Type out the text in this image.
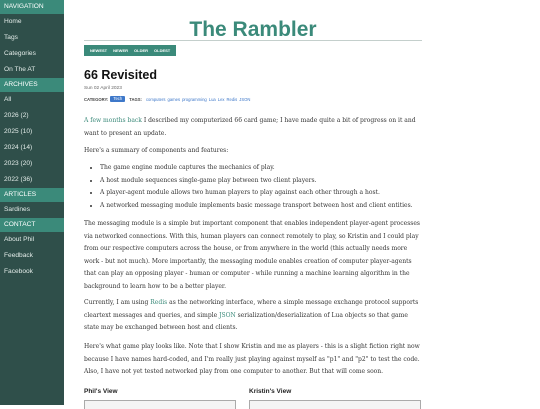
NAVIGATION
Home
Tags
Categories
On The AT
ARCHIVES
All
2026 (2)
2025 (10)
2024 (14)
2023 (20)
2022 (36)
ARTICLES
Sardines
CONTACT
About Phil
Feedback
Facebook
The Rambler
NEWEST NEWER OLDER OLDEST
66 Revisited
Sun 02 April 2023
CATEGORY:	Tech	TAGS: computers games programming Lua Lex Redis JSON

A few months back I described my computerized 66 card game; I have made quite a bit of progress on it and want to present an update.

Here's a summary of components and features:

• The game engine module captures the mechanics of play.
• A host module sequences single-game play between two client players.
• A player-agent module allows two human players to play against each other through a host.
• A networked messaging module implements basic message transport between host and client entities.

The messaging module is a simple but important component that enables independent player-agent processes via networked connections. With this, human players can connect remotely to play, so Kristin and I could play from our respective computers across the house, or from anywhere in the world (this actually needs more work - but not much). More importantly, the messaging module enables creation of computer player-agents that can play an opposing player - human or computer - while running a machine learning algorithm in the background to learn how to be a better player.

Currently, I am using Redis as the networking interface, where a simple message exchange protocol supports cleartext messages and queries, and simple JSON serialization/deserialization of Lua objects so that game state may be exchanged between host and clients.

Here's what game play looks like. Note that I show Kristin and me as players - this is a slight fiction right now because I have names hard-coded, and I'm really just playing against myself as "p1" and "p2" to test the code. Also, I have not yet tested networked play from one computer to another. But that will come soon.

Phil's View	Kristin's View
